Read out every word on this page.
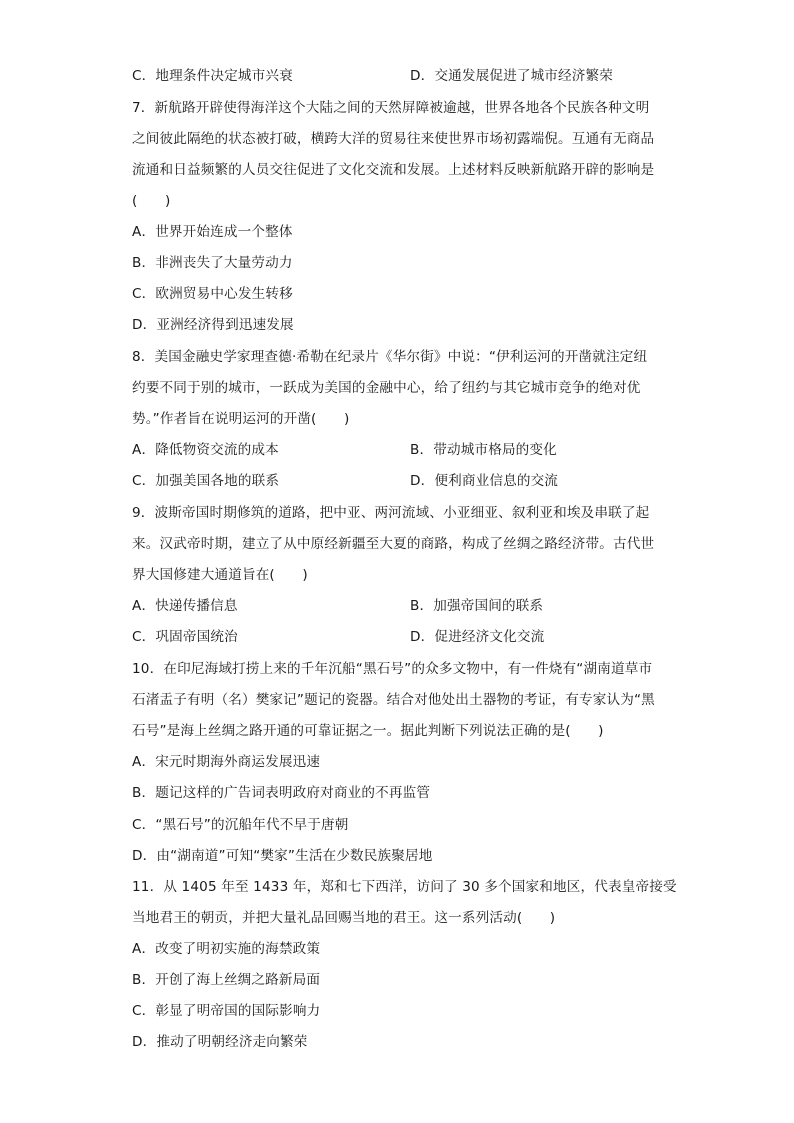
C．地理条件决定城市兴衰	D．交通发展促进了城市经济繁荣
7．新航路开辟使得海洋这个大陆之间的天然屏障被逾越，世界各地各个民族各种文明
之间彼此隔绝的状态被打破，横跨大洋的贸易往来使世界市场初露端倪。互通有无商品
流通和日益频繁的人员交往促进了文化交流和发展。上述材料反映新航路开辟的影响是
(　　)
A．世界开始连成一个整体
B．非洲丧失了大量劳动力
C．欧洲贸易中心发生转移
D．亚洲经济得到迅速发展
8．美国金融史学家理查德·希勒在纪录片《华尔街》中说：“伊利运河的开凿就注定纽
约要不同于别的城市，一跃成为美国的金融中心，给了纽约与其它城市竞争的绝对优
势。”作者旨在说明运河的开凿(　　)
A．降低物资交流的成本	B．带动城市格局的变化
C．加强美国各地的联系	D．便利商业信息的交流
9．波斯帝国时期修筑的道路，把中亚、两河流域、小亚细亚、叙利亚和埃及串联了起
来。汉武帝时期，建立了从中原经新疆至大夏的商路，构成了丝绸之路经济带。古代世
界大国修建大通道旨在(　　)
A．快递传播信息	B．加强帝国间的联系
C．巩固帝国统治	D．促进经济文化交流
10．在印尼海域打捞上来的千年沉船“黑石号”的众多文物中，有一件烧有“湖南道草市
石渚盂子有明（名）樊家记”题记的瓷器。结合对他处出土器物的考证，有专家认为“黑
石号”是海上丝绸之路开通的可靠证据之一。据此判断下列说法正确的是(　　)
A．宋元时期海外商运发展迅速
B．题记这样的广告词表明政府对商业的不再监管
C．“黑石号”的沉船年代不早于唐朝
D．由“湖南道”可知“樊家”生活在少数民族聚居地
11．从 1405 年至 1433 年，郑和七下西洋，访问了 30 多个国家和地区，代表皇帝接受
当地君王的朝贡，并把大量礼品回赐当地的君王。这一系列活动(　　)
A．改变了明初实施的海禁政策
B．开创了海上丝绸之路新局面
C．彰显了明帝国的国际影响力
D．推动了明朝经济走向繁荣
